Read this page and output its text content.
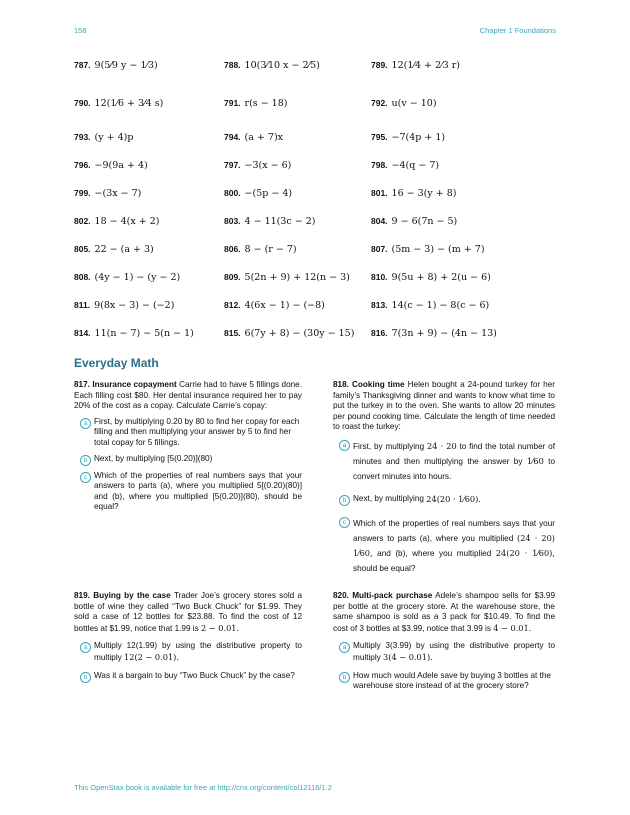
158	Chapter 1 Foundations
787. 9(5⁄9 y − 1⁄3)	788. 10(3⁄10 x − 2⁄5)	789. 12(1⁄4 + 2⁄3 r)
790. 12(1⁄6 + 3⁄4 s)	791. r(s − 18)	792. u(v − 10)
793. (y + 4)p	794. (a + 7)x	795. −7(4p + 1)
796. −9(9a + 4)	797. −3(x − 6)	798. −4(q − 7)
799. −(3x − 7)	800. −(5p − 4)	801. 16 − 3(y + 8)
802. 18 − 4(x + 2)	803. 4 − 11(3c − 2)	804. 9 − 6(7n − 5)
805. 22 − (a + 3)	806. 8 − (r − 7)	807. (5m − 3) − (m + 7)
808. (4y − 1) − (y − 2)	809. 5(2n + 9) + 12(n − 3) 810. 9(5u + 8) + 2(u − 6)
811. 9(8x − 3) − (−2)	812. 4(6x − 1) − (−8)	813. 14(c − 1) − 8(c − 6)
814. 11(n − 7) − 5(n − 1)	815. 6(7y + 8) − (30y − 15) 816. 7(3n + 9) − (4n − 13)
Everyday Math
817. Insurance copayment Carrie had to have 5 fillings done. Each filling cost $80. Her dental insurance required her to pay 20% of the cost as a copay. Calculate Carrie’s copay:
a First, by multiplying 0.20 by 80 to find her copay for each filling and then multiplying your answer by 5 to find her total copay for 5 fillings.
b Next, by multiplying [5(0.20)](80)
c Which of the properties of real numbers says that your answers to parts (a), where you multiplied 5[(0.20)(80)] and (b), where you multiplied [5(0.20)](80), should be equal?
818. Cooking time Helen bought a 24-pound turkey for her family’s Thanksgiving dinner and wants to know what time to put the turkey in to the oven. She wants to allow 20 minutes per pound cooking time. Calculate the length of time needed to roast the turkey:
a First, by multiplying 24 · 20 to find the total number of minutes and then multiplying the answer by 1⁄60 to convert minutes into hours.
b Next, by multiplying
24(20 · 1⁄60).
c Which of the properties of real numbers says that your answers to parts (a), where you multiplied (24 · 20) 1⁄60, and (b), where you multiplied 24(20 · 1⁄60), should be equal?
819. Buying by the case Trader Joe’s grocery stores sold a bottle of wine they called “Two Buck Chuck” for $1.99. They sold a case of 12 bottles for $23.88. To find the cost of 12 bottles at $1.99, notice that 1.99 is 2 − 0.01.
a Multiply 12(1.99) by using the distributive property to multiply 12(2 − 0.01).
b Was it a bargain to buy “Two Buck Chuck” by the case?
820. Multi-pack purchase Adele’s shampoo sells for $3.99 per bottle at the grocery store. At the warehouse store, the same shampoo is sold as a 3 pack for $10.49. To find the cost of 3 bottles at $3.99, notice that 3.99 is 4 − 0.01.
a Multiply 3(3.99) by using the distributive property to multiply 3(4 − 0.01).
b How much would Adele save by buying 3 bottles at the warehouse store instead of at the grocery store?
This OpenStax book is available for free at http://cnx.org/content/col12116/1.2
